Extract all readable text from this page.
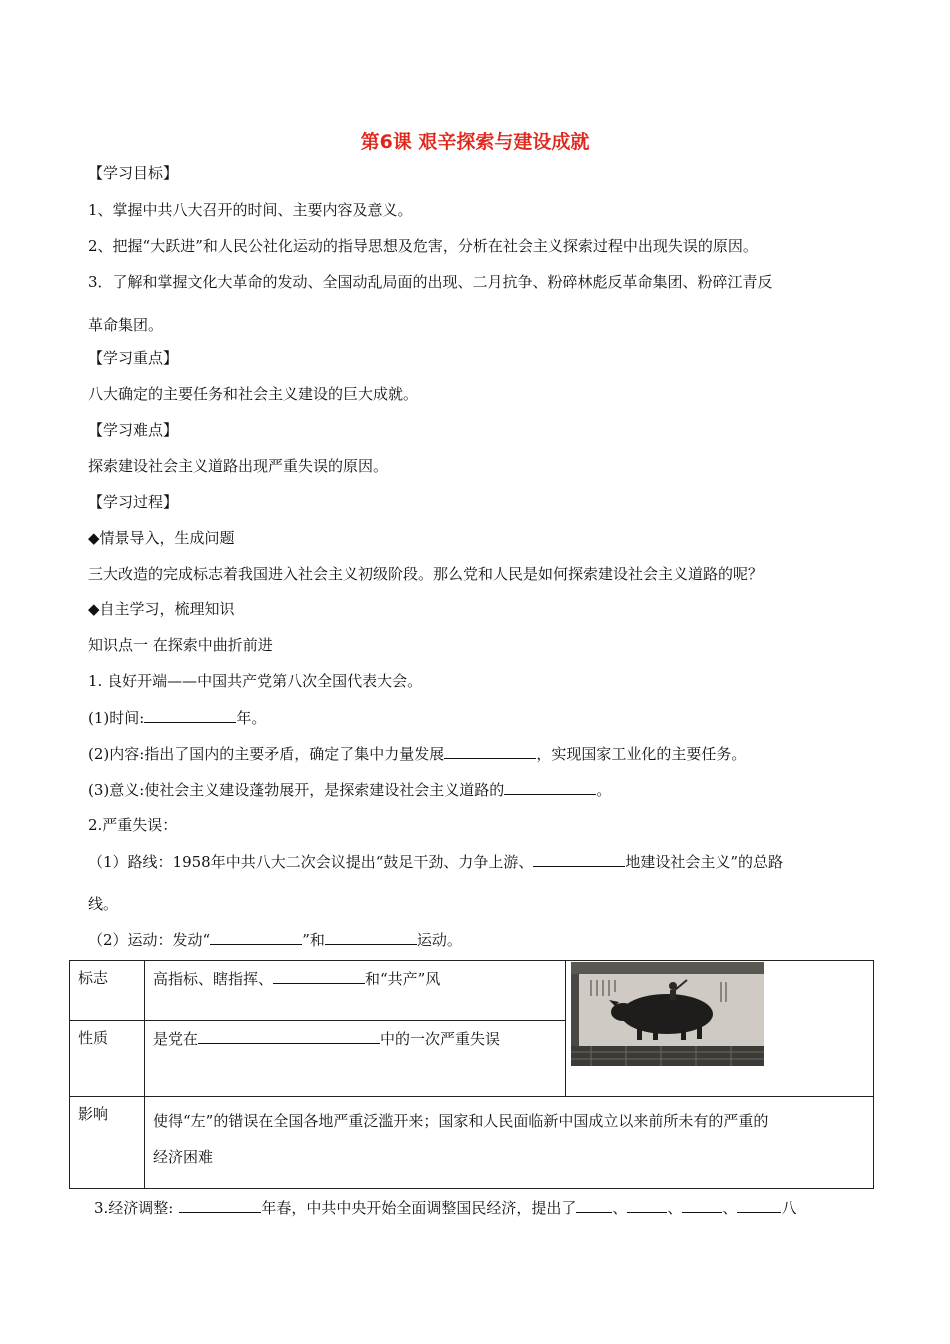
第6课 艰辛探索与建设成就
【学习目标】
1、掌握中共八大召开的时间、主要内容及意义。
2、把握“大跃进”和人民公社化运动的指导思想及危害，分析在社会主义探索过程中出现失误的原因。
3．了解和掌握文化大革命的发动、全国动乱局面的出现、二月抗争、粉碎林彪反革命集团、粉碎江青反
革命集团。
【学习重点】
八大确定的主要任务和社会主义建设的巨大成就。
【学习难点】
探索建设社会主义道路出现严重失误的原因。
【学习过程】
◆情景导入，生成问题
三大改造的完成标志着我国进入社会主义初级阶段。那么党和人民是如何探索建设社会主义道路的呢？
◆自主学习，梳理知识
知识点一 在探索中曲折前进
1. 良好开端——中国共产党第八次全国代表大会。
(1)时间:	年。
(2)内容:指出了国内的主要矛盾，确定了集中力量发展	，实现国家工业化的主要任务。
(3)意义:使社会主义建设蓬勃展开，是探索建设社会主义道路的	。
2.严重失误：
（1）路线：1958年中共八大二次会议提出“鼓足干劲、力争上游、	地建设社会主义”的总路
线。
（2）运动：发动“	”和	运动。
标志	高指标、瞎指挥、 和“共产”风	
性质	是党在 中的一次严重失误	
影响	使得“左”的错误在全国各地严重泛滥开来；国家和人民面临新中国成立以来前所未有的严重的
经济困难	
3.经济调整:	年春，中共中央开始全面调整国民经济，提出了 、	、	、	八
